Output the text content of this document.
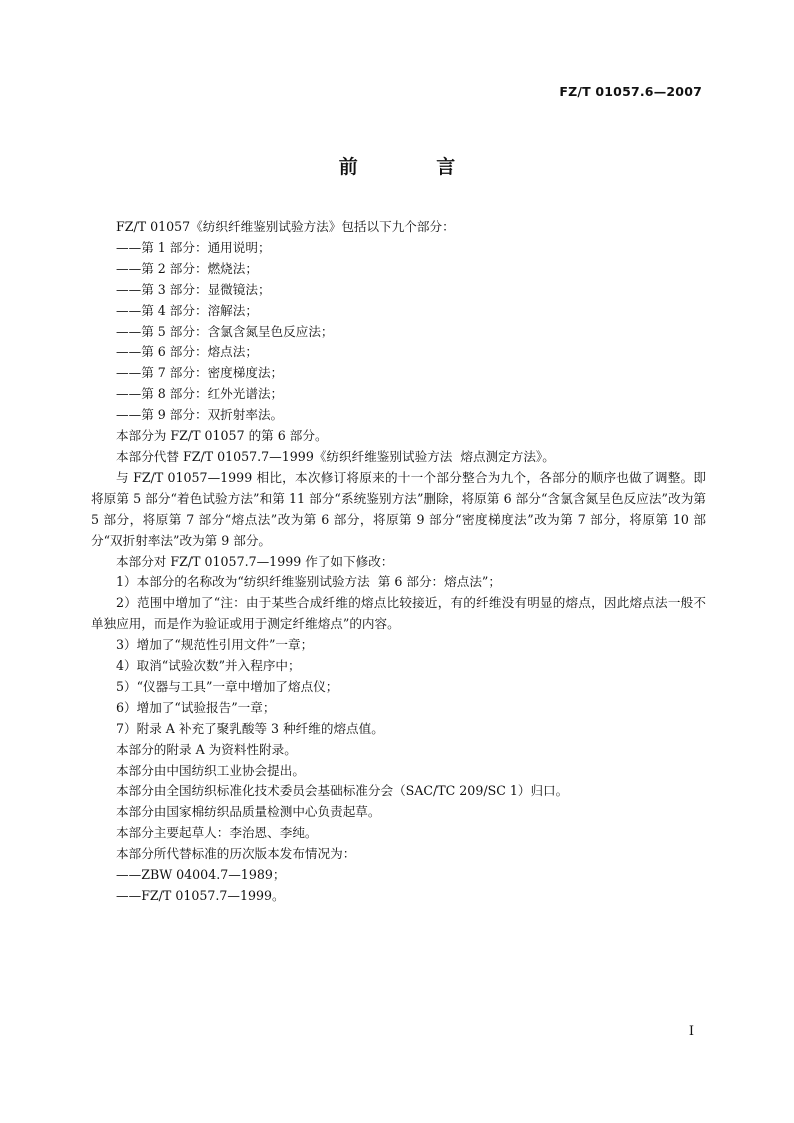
FZ/T 01057.6—2007
前 言

FZ/T 01057《纺织纤维鉴别试验方法》包括以下九个部分：

——第 1 部分：通用说明；

——第 2 部分：燃烧法；

——第 3 部分：显微镜法；

——第 4 部分：溶解法；

——第 5 部分：含氯含氮呈色反应法；

——第 6 部分：熔点法；

——第 7 部分：密度梯度法；

——第 8 部分：红外光谱法；

——第 9 部分：双折射率法。

本部分为 FZ/T 01057 的第 6 部分。

本部分代替 FZ/T 01057.7—1999《纺织纤维鉴别试验方法  熔点测定方法》。

与 FZ/T 01057—1999 相比，本次修订将原来的十一个部分整合为九个，各部分的顺序也做了调整。即将原第 5 部分“着色试验方法”和第 11 部分“系统鉴别方法”删除，将原第 6 部分“含氯含氮呈色反应法”改为第 5 部分，将原第 7 部分“熔点法”改为第 6 部分，将原第 9 部分“密度梯度法”改为第 7 部分，将原第 10 部分“双折射率法”改为第 9 部分。

本部分对 FZ/T 01057.7—1999 作了如下修改：

1）本部分的名称改为“纺织纤维鉴别试验方法  第 6 部分：熔点法”；

2）范围中增加了“注：由于某些合成纤维的熔点比较接近，有的纤维没有明显的熔点，因此熔点法一般不单独应用，而是作为验证或用于测定纤维熔点”的内容。

3）增加了“规范性引用文件”一章；

4）取消“试验次数”并入程序中；

5）“仪器与工具”一章中增加了熔点仪；

6）增加了“试验报告”一章；

7）附录 A 补充了聚乳酸等 3 种纤维的熔点值。

本部分的附录 A 为资料性附录。

本部分由中国纺织工业协会提出。

本部分由全国纺织标准化技术委员会基础标准分会（SAC/TC 209/SC 1）归口。

本部分由国家棉纺织品质量检测中心负责起草。

本部分主要起草人：李治恩、李纯。

本部分所代替标准的历次版本发布情况为：

——ZBW 04004.7—1989；

——FZ/T 01057.7—1999。

I
